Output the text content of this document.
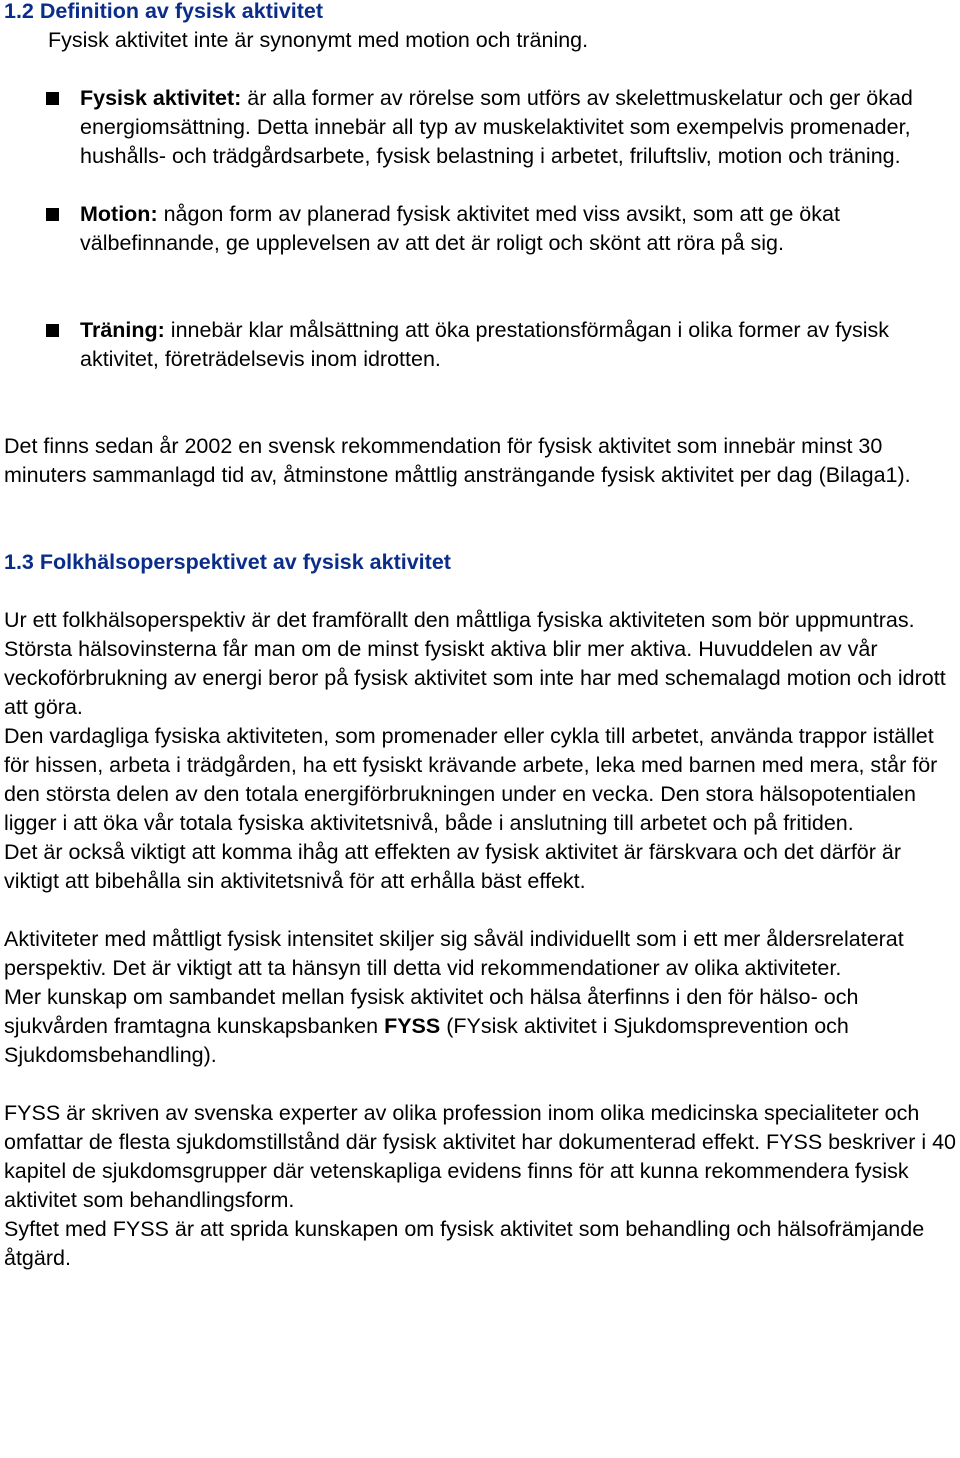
1.2 Definition av fysisk aktivitet

Fysisk aktivitet inte är synonymt med motion och träning.

Fysisk aktivitet: är alla former av rörelse som utförs av skelettmuskelatur och ger ökad energiomsättning. Detta innebär all typ av muskelaktivitet som exempelvis promenader, hushålls- och trädgårdsarbete, fysisk belastning i arbetet, friluftsliv, motion och träning.
Motion: någon form av planerad fysisk aktivitet med viss avsikt, som att ge ökat välbefinnande, ge upplevelsen av att det är roligt och skönt att röra på sig.
Träning: innebär klar målsättning att öka prestationsförmågan i olika former av fysisk aktivitet, företrädelsevis inom idrotten.

Det finns sedan år 2002 en svensk rekommendation för fysisk aktivitet som innebär minst 30 minuters sammanlagd tid av, åtminstone måttlig ansträngande fysisk aktivitet per dag (Bilaga1).

1.3 Folkhälsoperspektivet av fysisk aktivitet

Ur ett folkhälsoperspektiv är det framförallt den måttliga fysiska aktiviteten som bör uppmuntras. Största hälsovinsterna får man om de minst fysiskt aktiva blir mer aktiva. Huvuddelen av vår veckoförbrukning av energi beror på fysisk aktivitet som inte har med schemalagd motion och idrott att göra.

Den vardagliga fysiska aktiviteten, som promenader eller cykla till arbetet, använda trappor istället för hissen, arbeta i trädgården, ha ett fysiskt krävande arbete, leka med barnen med mera, står för den största delen av den totala energiförbrukningen under en vecka. Den stora hälsopotentialen ligger i att öka vår totala fysiska aktivitetsnivå, både i anslutning till arbetet och på fritiden.

Det är också viktigt att komma ihåg att effekten av fysisk aktivitet är färskvara och det därför är viktigt att bibehålla sin aktivitetsnivå för att erhålla bäst effekt.

Aktiviteter med måttligt fysisk intensitet skiljer sig såväl individuellt som i ett mer åldersrelaterat perspektiv. Det är viktigt att ta hänsyn till detta vid rekommendationer av olika aktiviteter.

Mer kunskap om sambandet mellan fysisk aktivitet och hälsa återfinns i den för hälso- och sjukvården framtagna kunskapsbanken FYSS (FYsisk aktivitet i Sjukdomsprevention och Sjukdomsbehandling).

FYSS är skriven av svenska experter av olika profession inom olika medicinska specialiteter och omfattar de flesta sjukdomstillstånd där fysisk aktivitet har dokumenterad effekt. FYSS beskriver i 40 kapitel de sjukdomsgrupper där vetenskapliga evidens finns för att kunna rekommendera fysisk aktivitet som behandlingsform.

Syftet med FYSS är att sprida kunskapen om fysisk aktivitet som behandling och hälsofrämjande åtgärd.
